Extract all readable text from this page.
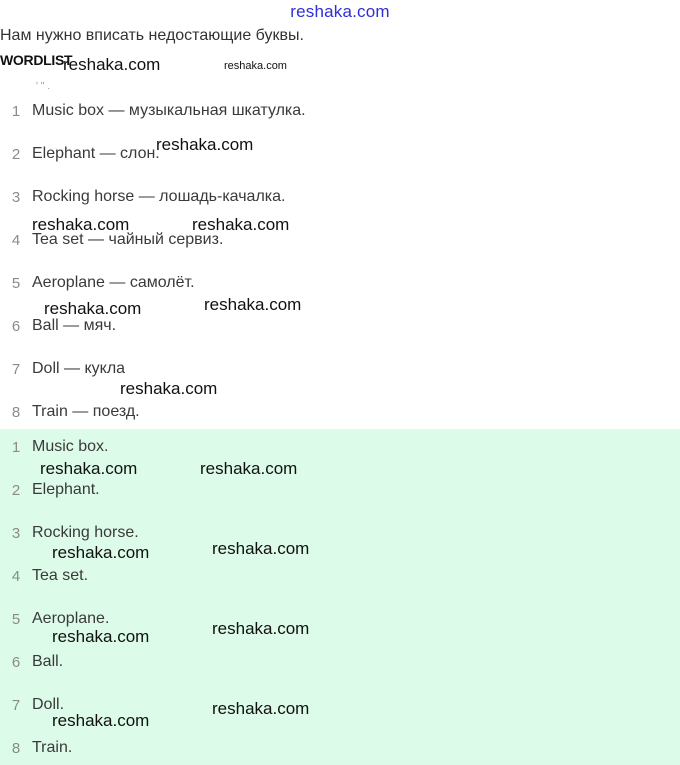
reshaka.com
Нам нужно вписать недостающие буквы.
WORDLIST
' '' .
1 Music box — музыкальная шкатулка.
2 Elephant — слон.
3 Rocking horse — лошадь-качалка.
4 Tea set — чайный сервиз.
5 Aeroplane — самолёт.
6 Ball — мяч.
7 Doll — кукла
8 Train — поезд.
1 Music box.
2 Elephant.
3 Rocking horse.
4 Tea set.
5 Aeroplane.
6 Ball.
7 Doll.
8 Train.
reshaka.com	reshaka.com
reshaka.com
reshaka.com	reshaka.com
reshaka.com	reshaka.com
reshaka.com
reshaka.com	reshaka.com
reshaka.com	reshaka.com
reshaka.com	reshaka.com
reshaka.com
reshaka.com
